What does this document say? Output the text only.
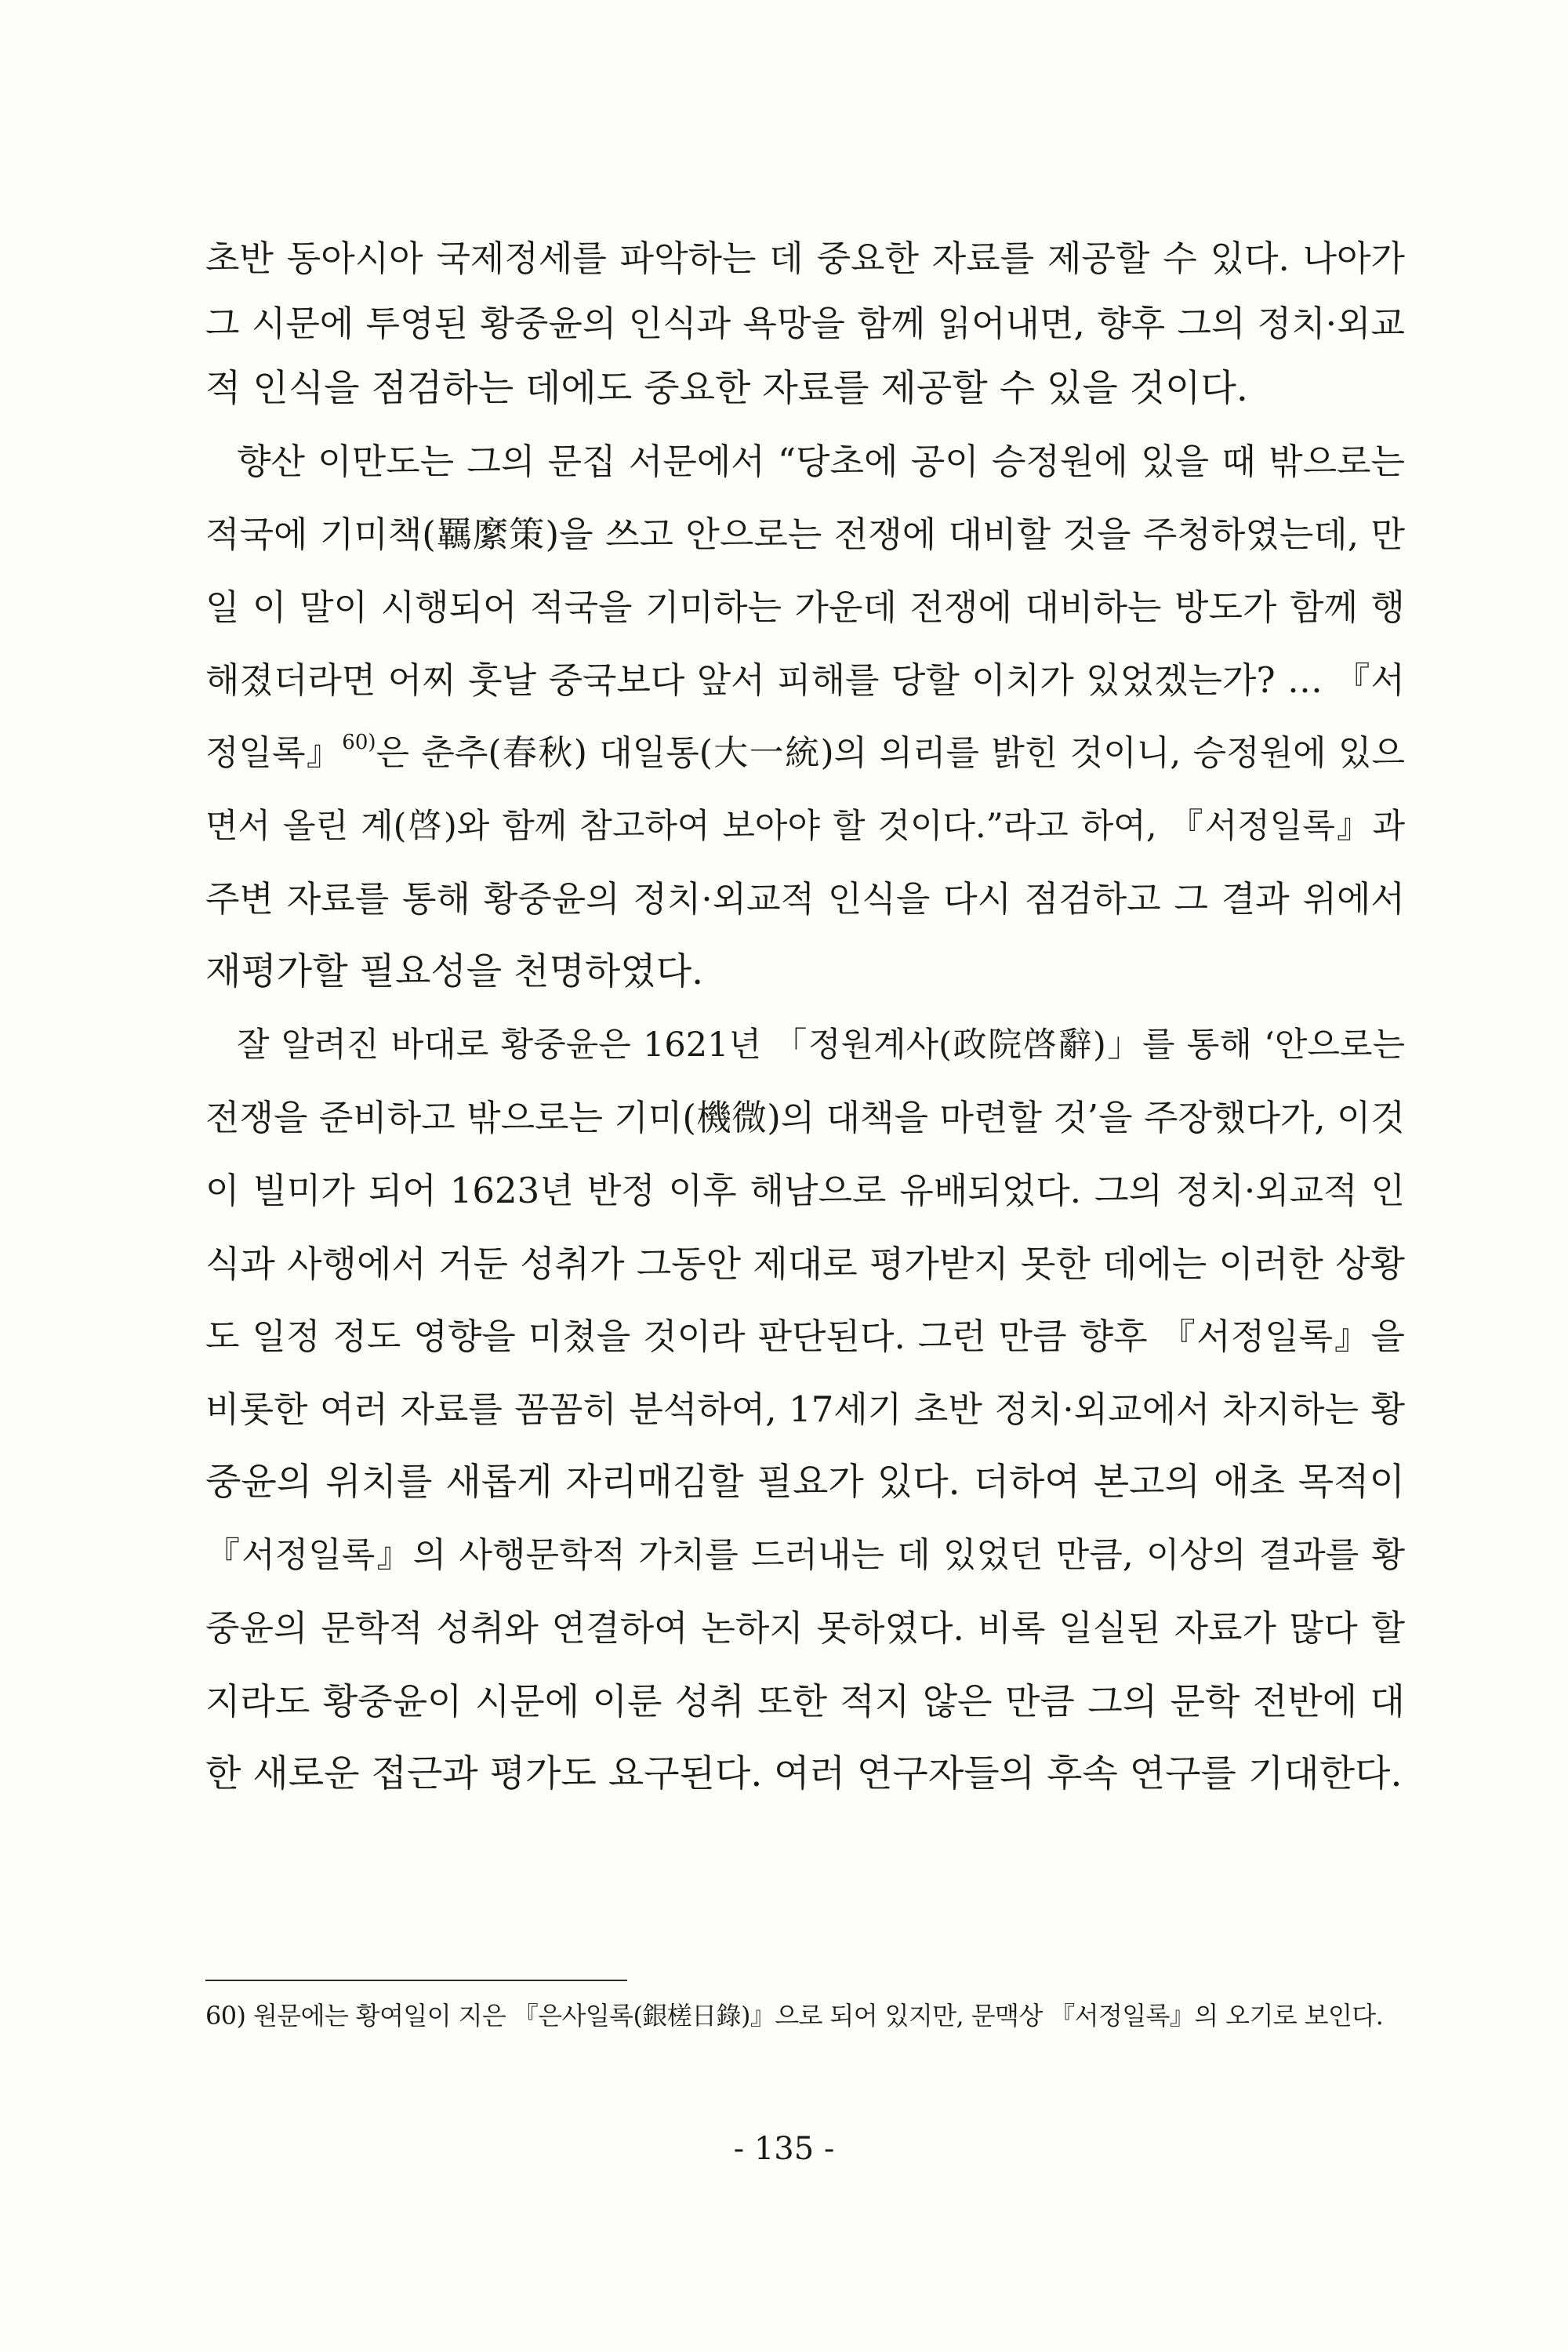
초반 동아시아 국제정세를 파악하는 데 중요한 자료를 제공할 수 있다. 나아가
그 시문에 투영된 황중윤의 인식과 욕망을 함께 읽어내면, 향후 그의 정치·외교
적 인식을 점검하는 데에도 중요한 자료를 제공할 수 있을 것이다.
향산 이만도는 그의 문집 서문에서 “당초에 공이 승정원에 있을 때 밖으로는
적국에 기미책(羈縻策)을 쓰고 안으로는 전쟁에 대비할 것을 주청하였는데, 만
일 이 말이 시행되어 적국을 기미하는 가운데 전쟁에 대비하는 방도가 함께 행
해졌더라면 어찌 훗날 중국보다 앞서 피해를 당할 이치가 있었겠는가? … 『서
정일록』$^{60)}$은 춘추(春秋) 대일통(大一統)의 의리를 밝힌 것이니, 승정원에 있으
면서 올린 계(啓)와 함께 참고하여 보아야 할 것이다.”라고 하여, 『서정일록』과
주변 자료를 통해 황중윤의 정치·외교적 인식을 다시 점검하고 그 결과 위에서
재평가할 필요성을 천명하였다.
잘 알려진 바대로 황중윤은 1621년 「정원계사(政院啓辭)」를 통해 ‘안으로는
전쟁을 준비하고 밖으로는 기미(機微)의 대책을 마련할 것’을 주장했다가, 이것
이 빌미가 되어 1623년 반정 이후 해남으로 유배되었다. 그의 정치·외교적 인
식과 사행에서 거둔 성취가 그동안 제대로 평가받지 못한 데에는 이러한 상황
도 일정 정도 영향을 미쳤을 것이라 판단된다. 그런 만큼 향후 『서정일록』을
비롯한 여러 자료를 꼼꼼히 분석하여, 17세기 초반 정치·외교에서 차지하는 황
중윤의 위치를 새롭게 자리매김할 필요가 있다. 더하여 본고의 애초 목적이
『서정일록』의 사행문학적 가치를 드러내는 데 있었던 만큼, 이상의 결과를 황
중윤의 문학적 성취와 연결하여 논하지 못하였다. 비록 일실된 자료가 많다 할
지라도 황중윤이 시문에 이룬 성취 또한 적지 않은 만큼 그의 문학 전반에 대
한 새로운 접근과 평가도 요구된다. 여러 연구자들의 후속 연구를 기대한다.
60) 원문에는 황여일이 지은 『은사일록(銀槎日錄)』으로 되어 있지만, 문맥상 『서정일록』의 오기로 보인다.
- 135 -
